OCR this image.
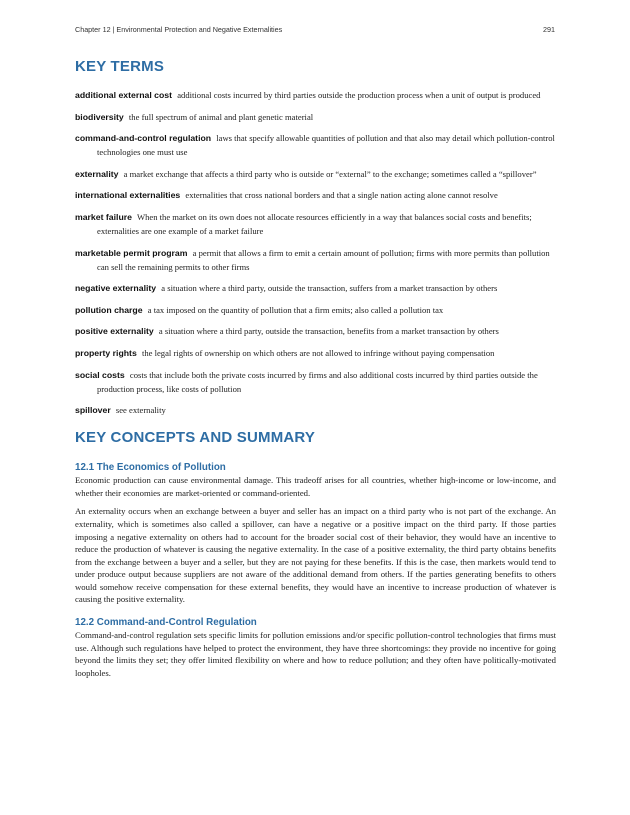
Chapter 12 | Environmental Protection and Negative Externalities	291
KEY TERMS

additional external cost additional costs incurred by third parties outside the production process when a unit of output is produced

biodiversity the full spectrum of animal and plant genetic material

command-and-control regulation laws that specify allowable quantities of pollution and that also may detail which pollution-control technologies one must use

externality a market exchange that affects a third party who is outside or “external” to the exchange; sometimes called a “spillover”

international externalities externalities that cross national borders and that a single nation acting alone cannot resolve

market failure When the market on its own does not allocate resources efficiently in a way that balances social costs and benefits; externalities are one example of a market failure

marketable permit program a permit that allows a firm to emit a certain amount of pollution; firms with more permits than pollution can sell the remaining permits to other firms

negative externality a situation where a third party, outside the transaction, suffers from a market transaction by others

pollution charge a tax imposed on the quantity of pollution that a firm emits; also called a pollution tax

positive externality a situation where a third party, outside the transaction, benefits from a market transaction by others

property rights the legal rights of ownership on which others are not allowed to infringe without paying compensation

social costs costs that include both the private costs incurred by firms and also additional costs incurred by third parties outside the production process, like costs of pollution

spillover see externality

KEY CONCEPTS AND SUMMARY
12.1 The Economics of Pollution

Economic production can cause environmental damage. This tradeoff arises for all countries, whether high-income or low-income, and whether their economies are market-oriented or command-oriented.

An externality occurs when an exchange between a buyer and seller has an impact on a third party who is not part of the exchange. An externality, which is sometimes also called a spillover, can have a negative or a positive impact on the third party. If those parties imposing a negative externality on others had to account for the broader social cost of their behavior, they would have an incentive to reduce the production of whatever is causing the negative externality. In the case of a positive externality, the third party obtains benefits from the exchange between a buyer and a seller, but they are not paying for these benefits. If this is the case, then markets would tend to under produce output because suppliers are not aware of the additional demand from others. If the parties generating benefits to others would somehow receive compensation for these external benefits, they would have an incentive to increase production of whatever is causing the positive externality.

12.2 Command-and-Control Regulation

Command-and-control regulation sets specific limits for pollution emissions and/or specific pollution-control technologies that firms must use. Although such regulations have helped to protect the environment, they have three shortcomings: they provide no incentive for going beyond the limits they set; they offer limited flexibility on where and how to reduce pollution; and they often have politically-motivated loopholes.
